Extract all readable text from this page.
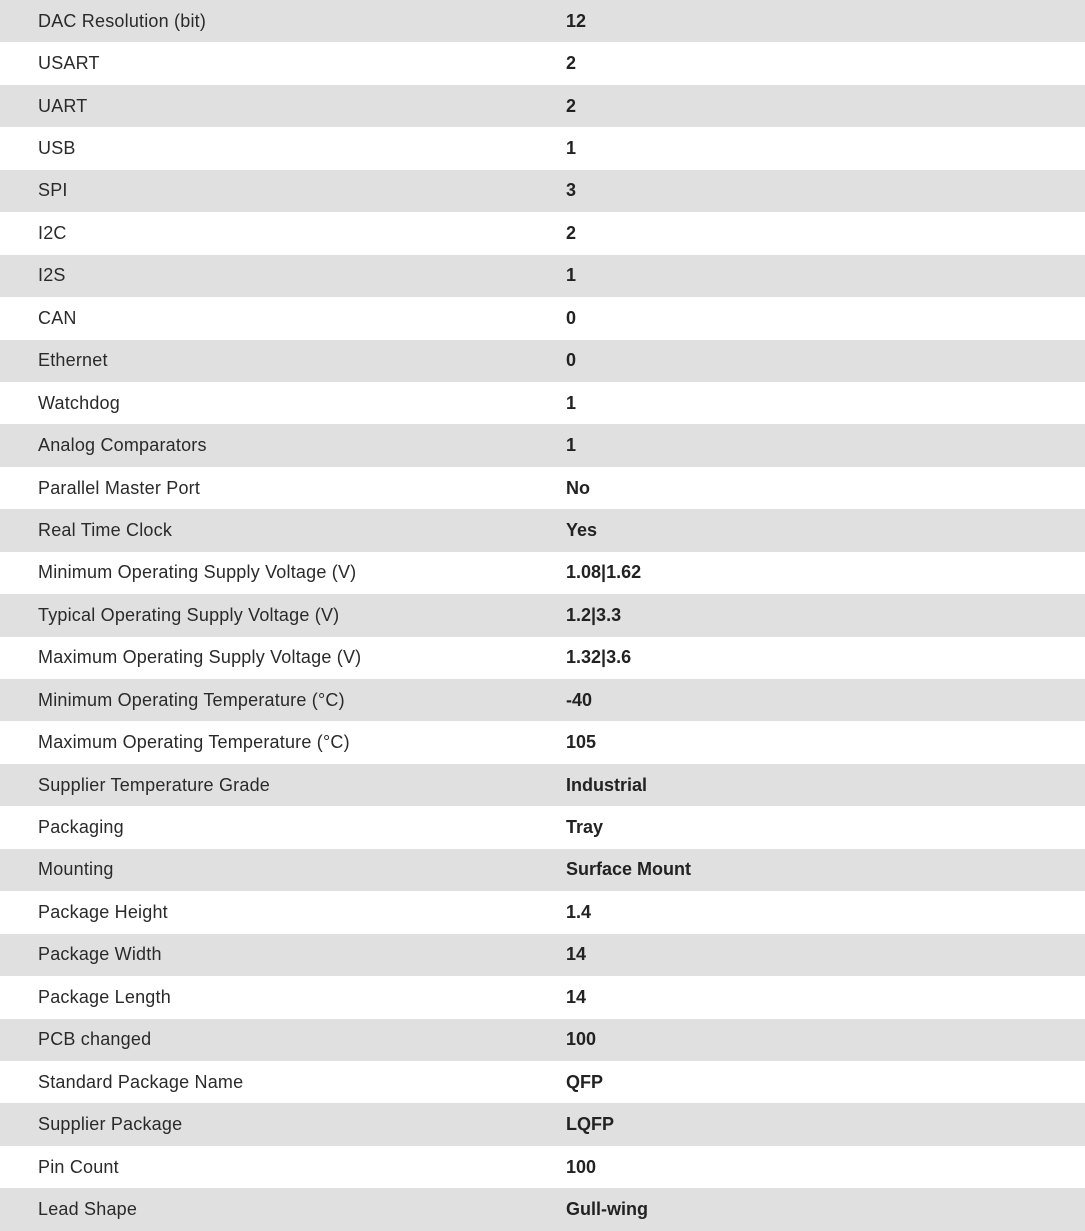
DAC Resolution (bit)	12
USART	2
UART	2
USB	1
SPI	3
I2C	2
I2S	1
CAN	0
Ethernet	0
Watchdog	1
Analog Comparators	1
Parallel Master Port	No
Real Time Clock	Yes
Minimum Operating Supply Voltage (V)	1.08|1.62
Typical Operating Supply Voltage (V)	1.2|3.3
Maximum Operating Supply Voltage (V)	1.32|3.6
Minimum Operating Temperature (°C)	-40
Maximum Operating Temperature (°C)	105
Supplier Temperature Grade	Industrial
Packaging	Tray
Mounting	Surface Mount
Package Height	1.4
Package Width	14
Package Length	14
PCB changed	100
Standard Package Name	QFP
Supplier Package	LQFP
Pin Count	100
Lead Shape	Gull-wing
